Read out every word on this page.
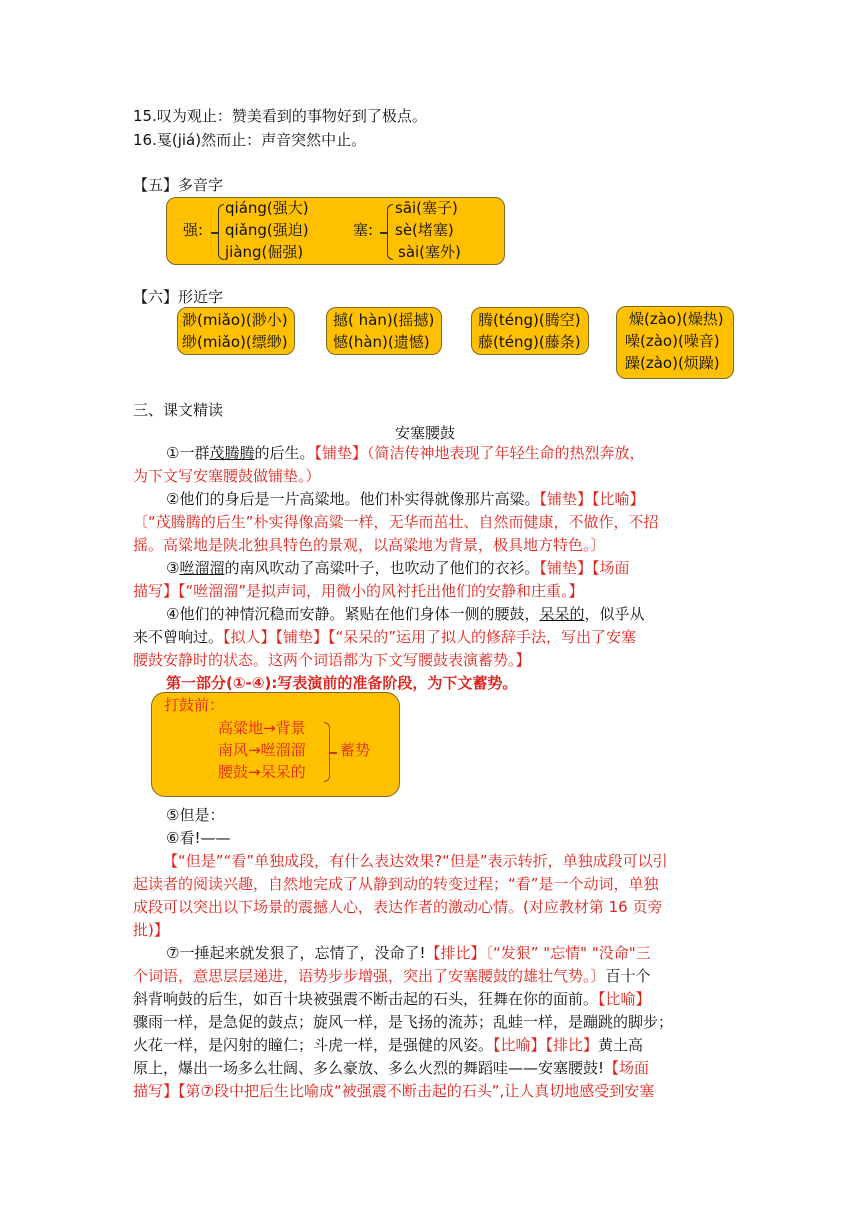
15.叹为观止：赞美看到的事物好到了极点。
16.戛(jiá)然而止：声音突然中止。
【五】多音字
强:
qiáng(强大)
qiǎng(强迫)
jiàng(倔强)
塞:
sāi(塞子)
sè(堵塞)
sài(塞外)
【六】形近字
渺(miǎo)(渺小)
缈(miǎo)(缥缈)
撼( hàn)(摇撼)
憾(hàn)(遗憾)
腾(téng)(腾空)
藤(téng)(藤条)
燥(zào)(燥热)
噪(zào)(噪音)
躁(zào)(烦躁)
三、课文精读
安塞腰鼓
①一群茂腾腾的后生。【铺垫】（简洁传神地表现了年轻生命的热烈奔放，
为下文写安塞腰鼓做铺垫。）
②他们的身后是一片高粱地。他们朴实得就像那片高粱。【铺垫】【比喻】
〔“茂腾腾的后生”朴实得像高粱一样，无华而茁壮、自然而健康，不做作，不招
摇。高粱地是陕北独具特色的景观，以高粱地为背景，极具地方特色。〕
③咝溜溜的南风吹动了高粱叶子，也吹动了他们的衣衫。【铺垫】【场面
描写】【“咝溜溜”是拟声词，用微小的风衬托出他们的安静和庄重。】
④他们的神情沉稳而安静。紧贴在他们身体一侧的腰鼓，呆呆的，似乎从
来不曾响过。【拟人】【铺垫】【“呆呆的”运用了拟人的修辞手法，写出了安塞
腰鼓安静时的状态。这两个词语都为下文写腰鼓表演蓄势。】
第一部分(①-④):写表演前的准备阶段，为下文蓄势。
打鼓前：
高粱地→背景
南风→咝溜溜
腰鼓→呆呆的
蓄势
⑤但是：
⑥看!——
【“但是”“看”单独成段，有什么表达效果?“但是”表示转折，单独成段可以引
起读者的阅读兴趣，自然地完成了从静到动的转变过程；“看”是一个动词，单独
成段可以突出以下场景的震撼人心，表达作者的激动心情。(对应教材第 16 页旁
批)】
⑦一捶起来就发狠了，忘情了，没命了!【排比】〔“发狠” "忘情" "没命"三
个词语，意思层层递进，语势步步增强，突出了安塞腰鼓的雄壮气势。〕百十个
斜背响鼓的后生，如百十块被强震不断击起的石头，狂舞在你的面前。【比喻】
骤雨一样，是急促的鼓点；旋风一样，是飞扬的流苏；乱蛙一样，是蹦跳的脚步；
火花一样，是闪射的瞳仁；斗虎一样，是强健的风姿。【比喻】【排比】黄土高
原上，爆出一场多么壮阔、多么豪放、多么火烈的舞蹈哇——安塞腰鼓!【场面
描写】【第⑦段中把后生比喻成“被强震不断击起的石头”,让人真切地感受到安塞
